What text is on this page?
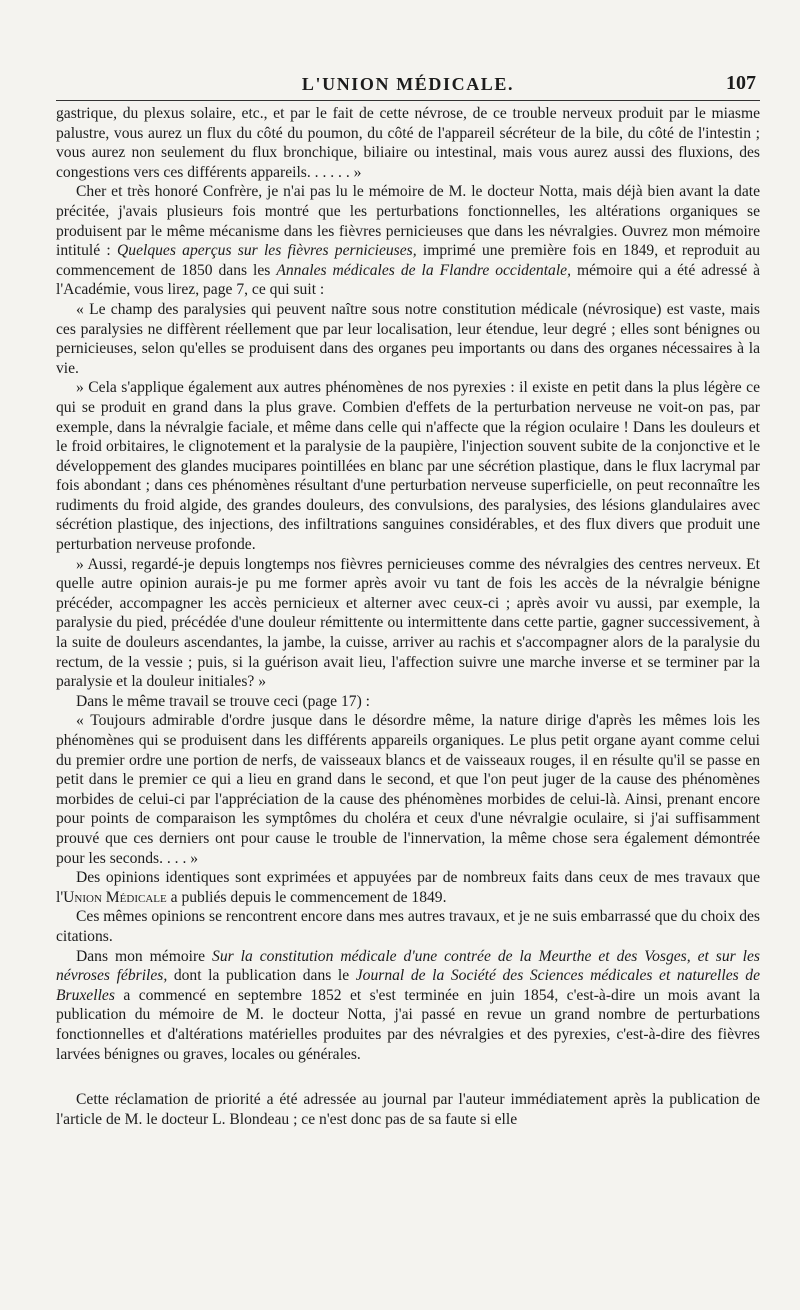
L'UNION MÉDICALE.	107

gastrique, du plexus solaire, etc., et par le fait de cette névrose, de ce trouble nerveux produit par le miasme palustre, vous aurez un flux du côté du poumon, du côté de l'appareil sécréteur de la bile, du côté de l'intestin ; vous aurez non seulement du flux bronchique, biliaire ou intestinal, mais vous aurez aussi des fluxions, des congestions vers ces différents appareils. . . . . . »

Cher et très honoré Confrère, je n'ai pas lu le mémoire de M. le docteur Notta, mais déjà bien avant la date précitée, j'avais plusieurs fois montré que les perturbations fonctionnelles, les altérations organiques se produisent par le même mécanisme dans les fièvres pernicieuses que dans les névralgies. Ouvrez mon mémoire intitulé : Quelques aperçus sur les fièvres pernicieuses, imprimé une première fois en 1849, et reproduit au commencement de 1850 dans les Annales médicales de la Flandre occidentale, mémoire qui a été adressé à l'Académie, vous lirez, page 7, ce qui suit :

« Le champ des paralysies qui peuvent naître sous notre constitution médicale (névrosique) est vaste, mais ces paralysies ne diffèrent réellement que par leur localisation, leur étendue, leur degré ; elles sont bénignes ou pernicieuses, selon qu'elles se produisent dans des organes peu importants ou dans des organes nécessaires à la vie.

» Cela s'applique également aux autres phénomènes de nos pyrexies : il existe en petit dans la plus légère ce qui se produit en grand dans la plus grave. Combien d'effets de la perturbation nerveuse ne voit-on pas, par exemple, dans la névralgie faciale, et même dans celle qui n'affecte que la région oculaire ! Dans les douleurs et le froid orbitaires, le clignotement et la paralysie de la paupière, l'injection souvent subite de la conjonctive et le développement des glandes mucipares pointillées en blanc par une sécrétion plastique, dans le flux lacrymal par fois abondant ; dans ces phénomènes résultant d'une perturbation nerveuse superficielle, on peut reconnaître les rudiments du froid algide, des grandes douleurs, des convulsions, des paralysies, des lésions glandulaires avec sécrétion plastique, des injections, des infiltrations sanguines considérables, et des flux divers que produit une perturbation nerveuse profonde.

» Aussi, regardé-je depuis longtemps nos fièvres pernicieuses comme des névralgies des centres nerveux. Et quelle autre opinion aurais-je pu me former après avoir vu tant de fois les accès de la névralgie bénigne précéder, accompagner les accès pernicieux et alterner avec ceux-ci ; après avoir vu aussi, par exemple, la paralysie du pied, précédée d'une douleur rémittente ou intermittente dans cette partie, gagner successivement, à la suite de douleurs ascendantes, la jambe, la cuisse, arriver au rachis et s'accompagner alors de la paralysie du rectum, de la vessie ; puis, si la guérison avait lieu, l'affection suivre une marche inverse et se terminer par la paralysie et la douleur initiales? »

Dans le même travail se trouve ceci (page 17) :

« Toujours admirable d'ordre jusque dans le désordre même, la nature dirige d'après les mêmes lois les phénomènes qui se produisent dans les différents appareils organiques. Le plus petit organe ayant comme celui du premier ordre une portion de nerfs, de vaisseaux blancs et de vaisseaux rouges, il en résulte qu'il se passe en petit dans le premier ce qui a lieu en grand dans le second, et que l'on peut juger de la cause des phénomènes morbides de celui-ci par l'appréciation de la cause des phénomènes morbides de celui-là. Ainsi, prenant encore pour points de comparaison les symptômes du choléra et ceux d'une névralgie oculaire, si j'ai suffisamment prouvé que ces derniers ont pour cause le trouble de l'innervation, la même chose sera également démontrée pour les seconds. . . . »

Des opinions identiques sont exprimées et appuyées par de nombreux faits dans ceux de mes travaux que l'Union Médicale a publiés depuis le commencement de 1849.

Ces mêmes opinions se rencontrent encore dans mes autres travaux, et je ne suis embarrassé que du choix des citations.

Dans mon mémoire Sur la constitution médicale d'une contrée de la Meurthe et des Vosges, et sur les névroses fébriles, dont la publication dans le Journal de la Société des Sciences médicales et naturelles de Bruxelles a commencé en septembre 1852 et s'est terminée en juin 1854, c'est-à-dire un mois avant la publication du mémoire de M. le docteur Notta, j'ai passé en revue un grand nombre de perturbations fonctionnelles et d'altérations matérielles produites par des névralgies et des pyrexies, c'est-à-dire des fièvres larvées bénignes ou graves, locales ou générales.

Cette réclamation de priorité a été adressée au journal par l'auteur immédiatement après la publication de l'article de M. le docteur L. Blondeau ; ce n'est donc pas de sa faute si elle
